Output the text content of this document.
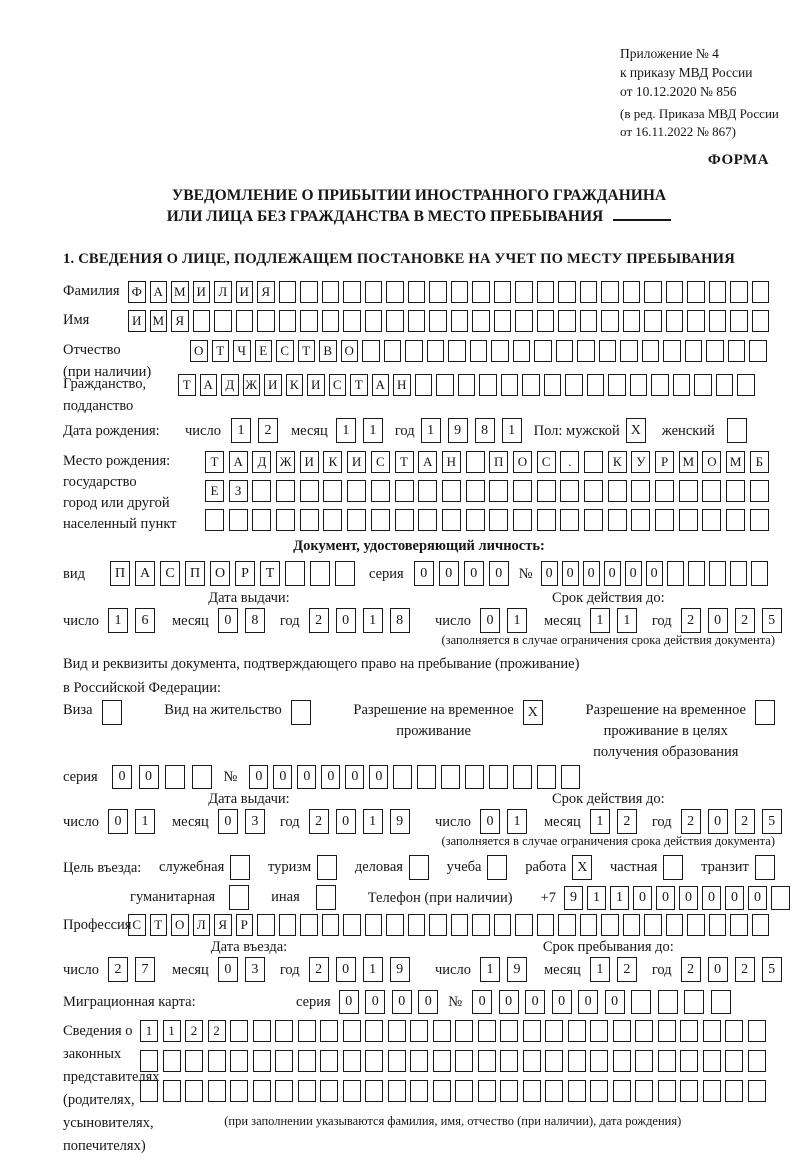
Приложение № 4
к приказу МВД России
от 10.12.2020 № 856
(в ред. Приказа МВД России
от 16.11.2022 № 867)
ФОРМА
УВЕДОМЛЕНИЕ О ПРИБЫТИИ ИНОСТРАННОГО ГРАЖДАНИНА
ИЛИ ЛИЦА БЕЗ ГРАЖДАНСТВА В МЕСТО ПРЕБЫВАНИЯ
1. СВЕДЕНИЯ О ЛИЦЕ, ПОДЛЕЖАЩЕМ ПОСТАНОВКЕ НА УЧЕТ ПО МЕСТУ ПРЕБЫВАНИЯ
Фамилия Ф А М И Л И Я
Имя	И М Я
Отчество
(при наличии)
О Т	Ч	Е	С	Т	В О
Гражданство,
подданство
Т А Д Ж И К И С	Т А Н
Дата рождения:	число	1	2	месяц	1	1	год 1	9	8	1	Пол: мужской X	женский
Место рождения:
государство
город или другой
населенный пункт
Т	А	Д	Ж	И	К	И	С	Т	А	Н	П	О	С	.	К	У	Р	М	О	М	Б
Е	З
Документ, удостоверяющий личность:
вид	П	А	С	П	О	Р	Т	серия	0	0	0	0	№ 0	0	0	0	0	0
Дата выдачи:
число	1	6	месяц	0	8	год	2	0	1	8
Срок действия до:
число	0	1	месяц	1	1	год	2	0	2	5
(заполняется в случае ограничения срока действия документа)
Вид и реквизиты документа, подтверждающего право на пребывание (проживание)
в Российской Федерации:
Виза	Вид на жительство	Разрешение на временное
проживание
X	Разрешение на временное
проживание в целях
получения образования
серия	0	0	№	0	0	0	0	0	0
Дата выдачи:
число	0	1	месяц	0	3	год	2	0	1	9
Срок действия до:
число	0	1	месяц	1	2	год	2	0	2	5
(заполняется в случае ограничения срока действия документа)
Цель въезда: служебная	туризм	деловая	учеба	работа X	частная	транзит
гуманитарная	иная	Телефон (при наличии) +7	9	1	1	0	0	0	0	0	0
Профессия С	Т О Л Я	Р
Дата въезда:
число	2	7	месяц	0	3	год	2	0	1	9
Срок пребывания до:
число	1	9	месяц	1	2	год	2	0	2	5
Миграционная карта:	серия	0	0	0	0	№	0	0	0	0	0	0
Сведения о
законных
представителях
(родителях,
усыновителях,
попечителях)
1	1	2	2
(при заполнении указываются фамилия, имя, отчество (при наличии), дата рождения)
